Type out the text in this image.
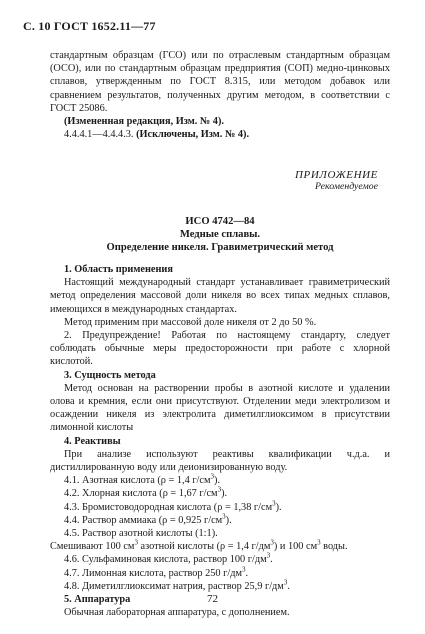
С. 10 ГОСТ 1652.11—77

стандартным образцам (ГСО) или по отраслевым стандартным образцам (ОСО), или по стандартным образцам предприятия (СОП) медно-цинковых сплавов, утвержденным по ГОСТ 8.315, или методом добавок или сравнением результатов, полученных другим методом, в соответствии с ГОСТ 25086.

(Измененная редакция, Изм. № 4).

4.4.4.1—4.4.4.3. (Исключены, Изм. № 4).

ПРИЛОЖЕНИЕ
Рекомендуемое
ИСО 4742—84
Медные сплавы.
Определение никеля. Гравиметрический метод

1. Область применения

Настоящий международный стандарт устанавливает гравиметрический метод определения массовой доли никеля во всех типах медных сплавов, имеющихся в международных стандартах.

Метод применим при массовой доле никеля от 2 до 50 %.

2. Предупреждение! Работая по настоящему стандарту, следует соблюдать обычные меры предосторожности при работе с хлорной кислотой.

3. Сущность метода

Метод основан на растворении пробы в азотной кислоте и удалении олова и кремния, если они присутствуют. Отделении меди электролизом и осаждении никеля из электролита диметилглиоксимом в присутствии лимонной кислоты

4. Реактивы

При анализе используют реактивы квалификации ч.д.а. и дистиллированную воду или деионизированную воду.

4.1. Азотная кислота (ρ = 1,4 $г/см^3$).

4.2. Хлорная кислота (ρ = 1,67 $г/см^3$).

4.3. Бромистоводородная кислота (ρ = 1,38 $г/см^3$).

4.4. Раствор аммиака (ρ = 0,925 $г/см^3$).

4.5. Раствор азотной кислоты (1:1).

Смешивают 100 $см^3$ азотной кислоты (ρ = 1,4 $г/дм^3$) и 100 $см^3$ воды.

4.6. Сульфаминовая кислота, раствор 100 $г/дм^3$.

4.7. Лимонная кислота, раствор 250 $г/дм^3$.

4.8. Диметилглиоксимат натрия, раствор 25,9 $г/дм^3$.

5. Аппаратура

Обычная лабораторная аппаратура, с дополнением.

72
